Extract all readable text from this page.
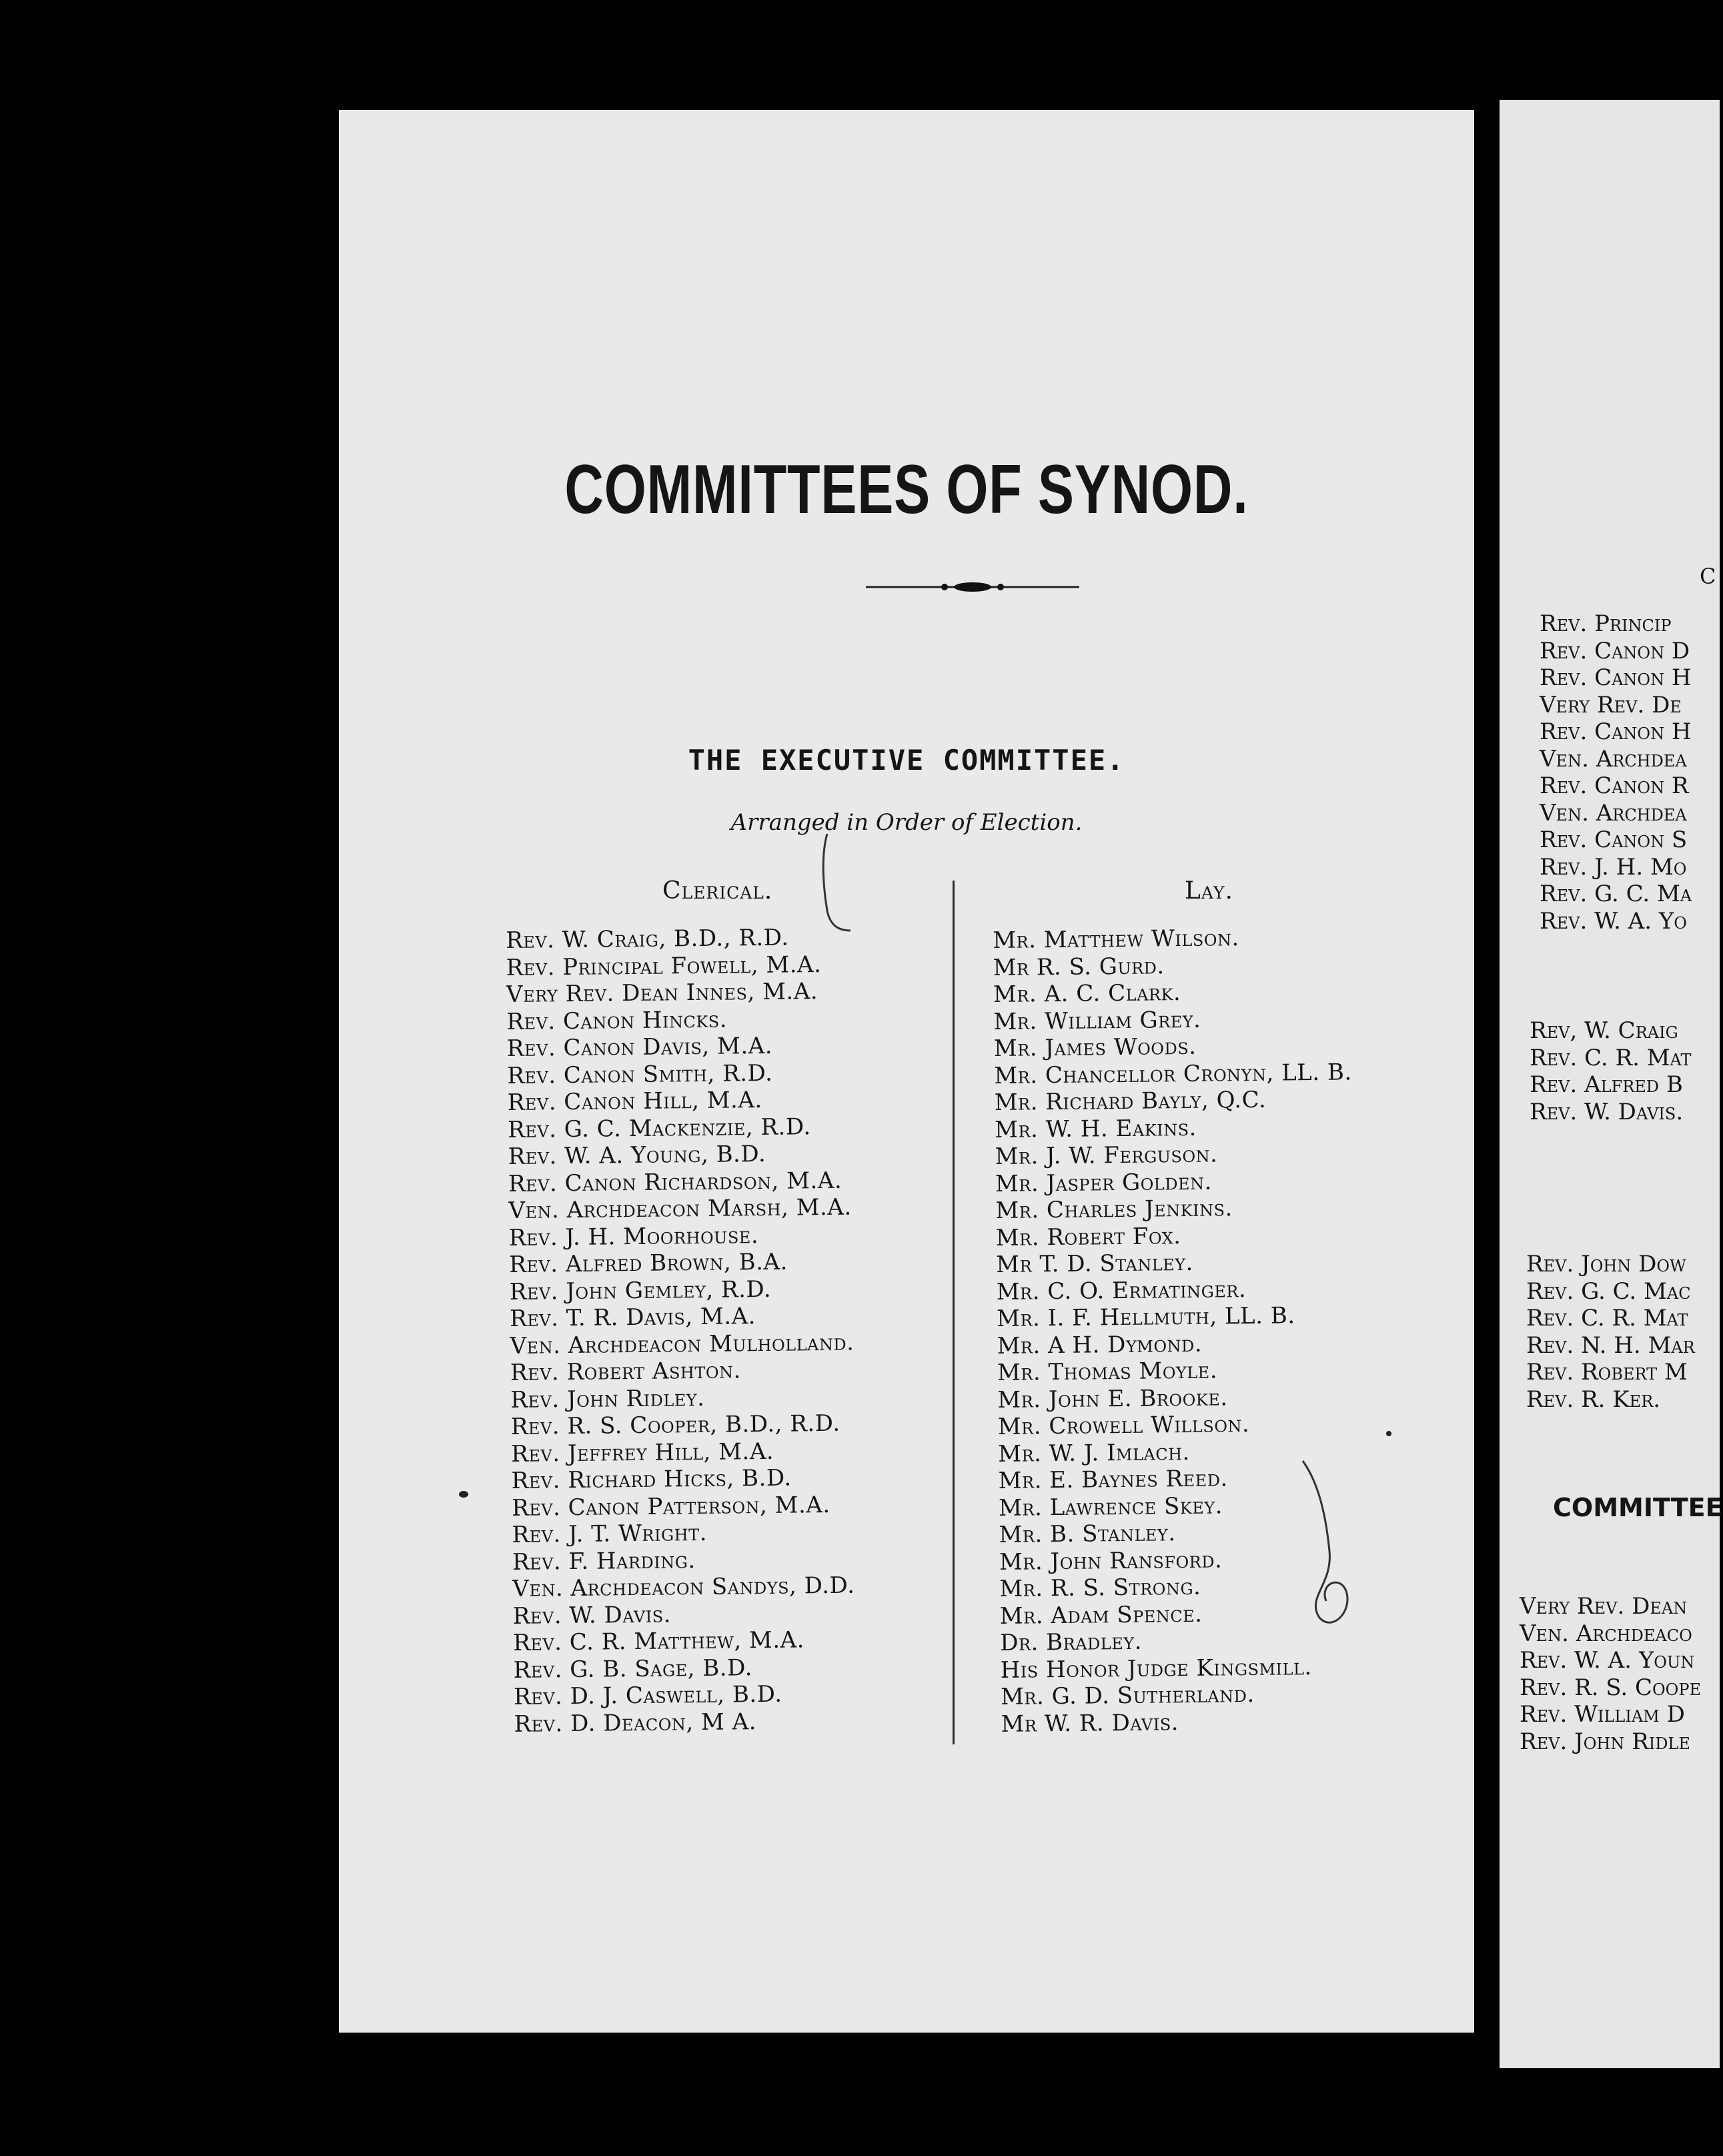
COMMITTEES OF SYNOD.
THE EXECUTIVE COMMITTEE.
Arranged in Order of Election.
Clerical.	Lay.
Rev. W. Craig, B.D., R.D.
Rev. Principal Fowell, M.A.
Very Rev. Dean Innes, M.A.
Rev. Canon Hincks.
Rev. Canon Davis, M.A.
Rev. Canon Smith, R.D.
Rev. Canon Hill, M.A.
Rev. G. C. Mackenzie, R.D.
Rev. W. A. Young, B.D.
Rev. Canon Richardson, M.A.
Ven. Archdeacon Marsh, M.A.
Rev. J. H. Moorhouse.
Rev. Alfred Brown, B.A.
Rev. John Gemley, R.D.
Rev. T. R. Davis, M.A.
Ven. Archdeacon Mulholland.
Rev. Robert Ashton.
Rev. John Ridley.
Rev. R. S. Cooper, B.D., R.D.
Rev. Jeffrey Hill, M.A.
Rev. Richard Hicks, B.D.
Rev. Canon Patterson, M.A.
Rev. J. T. Wright.
Rev. F. Harding.
Ven. Archdeacon Sandys, D.D.
Rev. W. Davis.
Rev. C. R. Matthew, M.A.
Rev. G. B. Sage, B.D.
Rev. D. J. Caswell, B.D.
Rev. D. Deacon, M A.
Mr. Matthew Wilson.
Mr R. S. Gurd.
Mr. A. C. Clark.
Mr. William Grey.
Mr. James Woods.
Mr. Chancellor Cronyn, LL. B.
Mr. Richard Bayly, Q.C.
Mr. W. H. Eakins.
Mr. J. W. Ferguson.
Mr. Jasper Golden.
Mr. Charles Jenkins.
Mr. Robert Fox.
Mr T. D. Stanley.
Mr. C. O. Ermatinger.
Mr. I. F. Hellmuth, LL. B.
Mr. A H. Dymond.
Mr. Thomas Moyle.
Mr. John E. Brooke.
Mr. Crowell Willson.
Mr. W. J. Imlach.
Mr. E. Baynes Reed.
Mr. Lawrence Skey.
Mr. B. Stanley.
Mr. John Ransford.
Mr. R. S. Strong.
Mr. Adam Spence.
Dr. Bradley.
His Honor Judge Kingsmill.
Mr. G. D. Sutherland.
Mr W. R. Davis.
C
Rev. Princip
Rev. Canon D
Rev. Canon H
Very Rev. De
Rev. Canon H
Ven. Archdea
Rev. Canon R
Ven. Archdea
Rev. Canon S
Rev. J. H. Mo
Rev. G. C. Ma
Rev. W. A. Yo
Rev, W. Craig
Rev. C. R. Mat
Rev. Alfred B
Rev. W. Davis.
Rev. John Dow
Rev. G. C. Mac
Rev. C. R. Mat
Rev. N. H. Mar
Rev. Robert M
Rev. R. Ker.
COMMITTEE
Very Rev. Dean
Ven. Archdeaco
Rev. W. A. Youn
Rev. R. S. Coope
Rev. William D
Rev. John Ridle
